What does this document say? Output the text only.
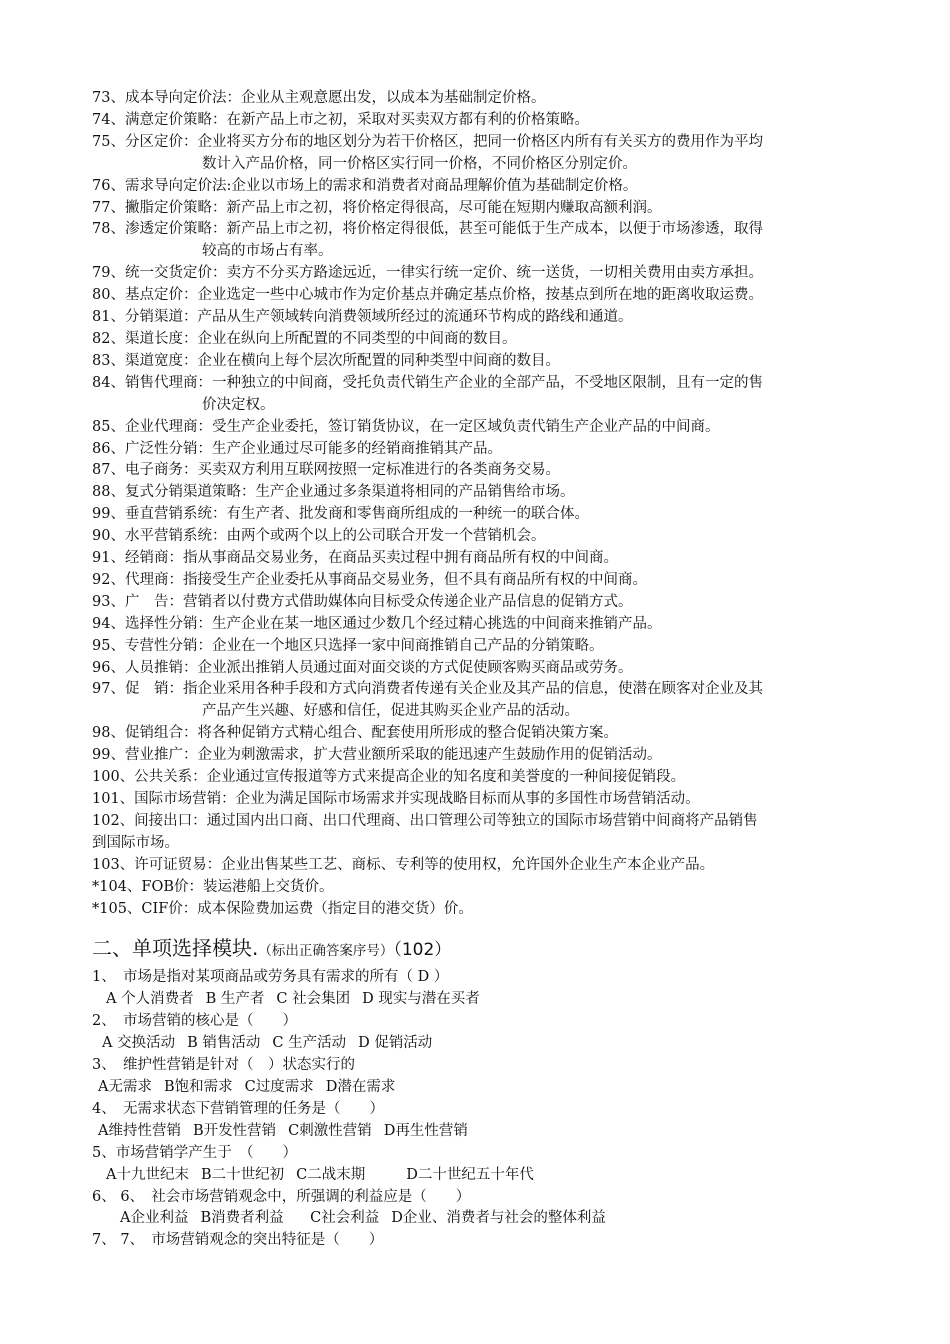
73、成本导向定价法：企业从主观意愿出发，以成本为基础制定价格。
74、满意定价策略：在新产品上市之初，采取对买卖双方都有利的价格策略。
75、分区定价：企业将买方分布的地区划分为若干价格区，把同一价格区内所有有关买方的费用作为平均
数计入产品价格，同一价格区实行同一价格，不同价格区分别定价。
76、需求导向定价法:企业以市场上的需求和消费者对商品理解价值为基础制定价格。
77、撇脂定价策略：新产品上市之初，将价格定得很高，尽可能在短期内赚取高额利润。
78、渗透定价策略：新产品上市之初，将价格定得很低，甚至可能低于生产成本，以便于市场渗透，取得
较高的市场占有率。
79、统一交货定价：卖方不分买方路途远近，一律实行统一定价、统一送货，一切相关费用由卖方承担。
80、基点定价：企业选定一些中心城市作为定价基点并确定基点价格，按基点到所在地的距离收取运费。
81、分销渠道：产品从生产领域转向消费领域所经过的流通环节构成的路线和通道。
82、渠道长度：企业在纵向上所配置的不同类型的中间商的数目。
83、渠道宽度：企业在横向上每个层次所配置的同种类型中间商的数目。
84、销售代理商：一种独立的中间商，受托负责代销生产企业的全部产品，不受地区限制，且有一定的售
价决定权。
85、企业代理商：受生产企业委托，签订销货协议，在一定区域负责代销生产企业产品的中间商。
86、广泛性分销：生产企业通过尽可能多的经销商推销其产品。
87、电子商务：买卖双方利用互联网按照一定标准进行的各类商务交易。
88、复式分销渠道策略：生产企业通过多条渠道将相同的产品销售给市场。
99、垂直营销系统：有生产者、批发商和零售商所组成的一种统一的联合体。
90、水平营销系统：由两个或两个以上的公司联合开发一个营销机会。
91、经销商：指从事商品交易业务，在商品买卖过程中拥有商品所有权的中间商。
92、代理商：指接受生产企业委托从事商品交易业务，但不具有商品所有权的中间商。
93、广　告：营销者以付费方式借助媒体向目标受众传递企业产品信息的促销方式。
94、选择性分销：生产企业在某一地区通过少数几个经过精心挑选的中间商来推销产品。
95、专营性分销：企业在一个地区只选择一家中间商推销自己产品的分销策略。
96、人员推销：企业派出推销人员通过面对面交谈的方式促使顾客购买商品或劳务。
97、促　销：指企业采用各种手段和方式向消费者传递有关企业及其产品的信息，使潜在顾客对企业及其
产品产生兴趣、好感和信任，促进其购买企业产品的活动。
98、促销组合：将各种促销方式精心组合、配套使用所形成的整合促销决策方案。
99、营业推广：企业为刺激需求，扩大营业额所采取的能迅速产生鼓励作用的促销活动。
100、公共关系：企业通过宣传报道等方式来提高企业的知名度和美誉度的一种间接促销段。
101、国际市场营销：企业为满足国际市场需求并实现战略目标而从事的多国性市场营销活动。
102、间接出口：通过国内出口商、出口代理商、出口管理公司等独立的国际市场营销中间商将产品销售
到国际市场。
103、许可证贸易：企业出售某些工艺、商标、专利等的使用权，允许国外企业生产本企业产品。
*104、FOB价：装运港船上交货价。
*105、CIF价：成本保险费加运费（指定目的港交货）价。
二、单项选择模块.（标出正确答案序号）（102）
1、　市场是指对某项商品或劳务具有需求的所有（ D ）
A 个人消费者 B 生产者 C 社会集团 D 现实与潜在买者
2、　市场营销的核心是（　　）
A 交换活动 B 销售活动 C 生产活动 D 促销活动
3、　维护性营销是针对（　）状态实行的
A无需求 B饱和需求 C过度需求 D潜在需求
4、　无需求状态下营销管理的任务是（　　）
A维持性营销 B开发性营销 C刺激性营销 D再生性营销
5、市场营销学产生于　（　　）
A十九世纪末 B二十世纪初 C二战末期　　D二十世纪五十年代
6、 6、　社会市场营销观念中，所强调的利益应是（　　）
A企业利益 B消费者利益　C社会利益 D企业、消费者与社会的整体利益
7、 7、　市场营销观念的突出特征是（　　）
